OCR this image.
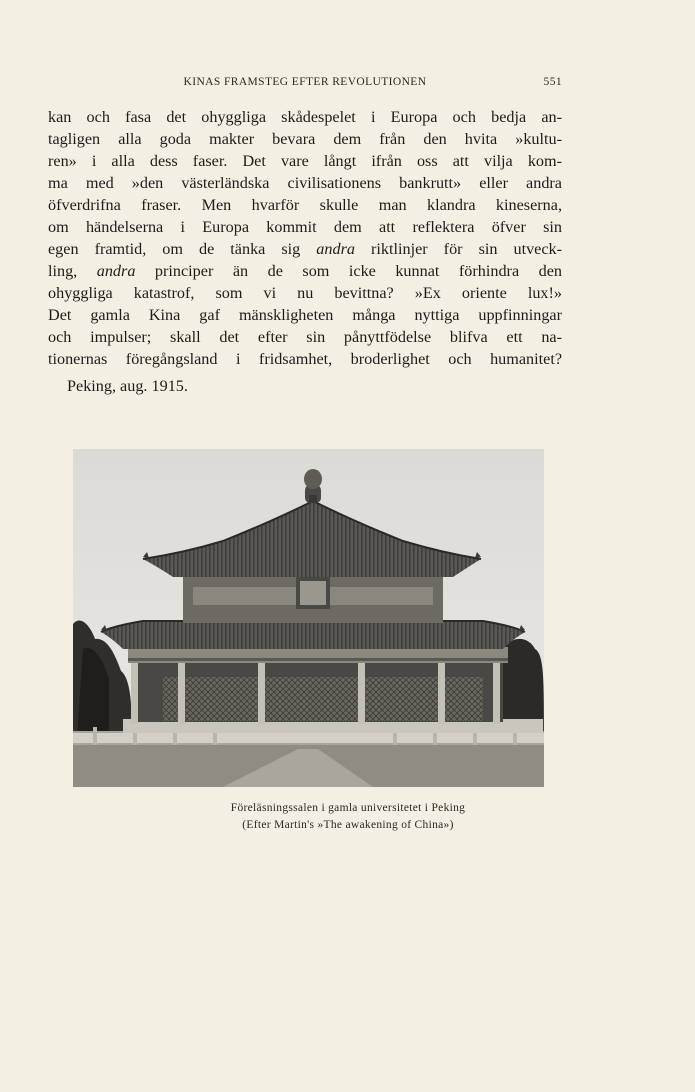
KINAS FRAMSTEG EFTER REVOLUTIONEN	551
kan och fasa det ohyggliga skådespelet i Europa och bedja an-
tagligen alla goda makter bevara dem från den hvita »kultu-
ren» i alla dess faser. Det vare långt ifrån oss att vilja kom-
ma med »den västerländska civilisationens bankrutt» eller andra
öfverdrifna fraser. Men hvarför skulle man klandra kineserna,
om händelserna i Europa kommit dem att reflektera öfver sin
egen framtid, om de tänka sig andra riktlinjer för sin utveck-
ling, andra principer än de som icke kunnat förhindra den
ohyggliga katastrof, som vi nu bevittna? »Ex oriente lux!»
Det gamla Kina gaf mänskligheten många nyttiga uppfinningar
och impulser; skall det efter sin pånyttfödelse blifva ett na-
tionernas föregångsland i fridsamhet, broderlighet och humanitet?
Peking, aug. 1915.
Föreläsningssalen i gamla universitetet i Peking
(Efter Martin's »The awakening of China»)
